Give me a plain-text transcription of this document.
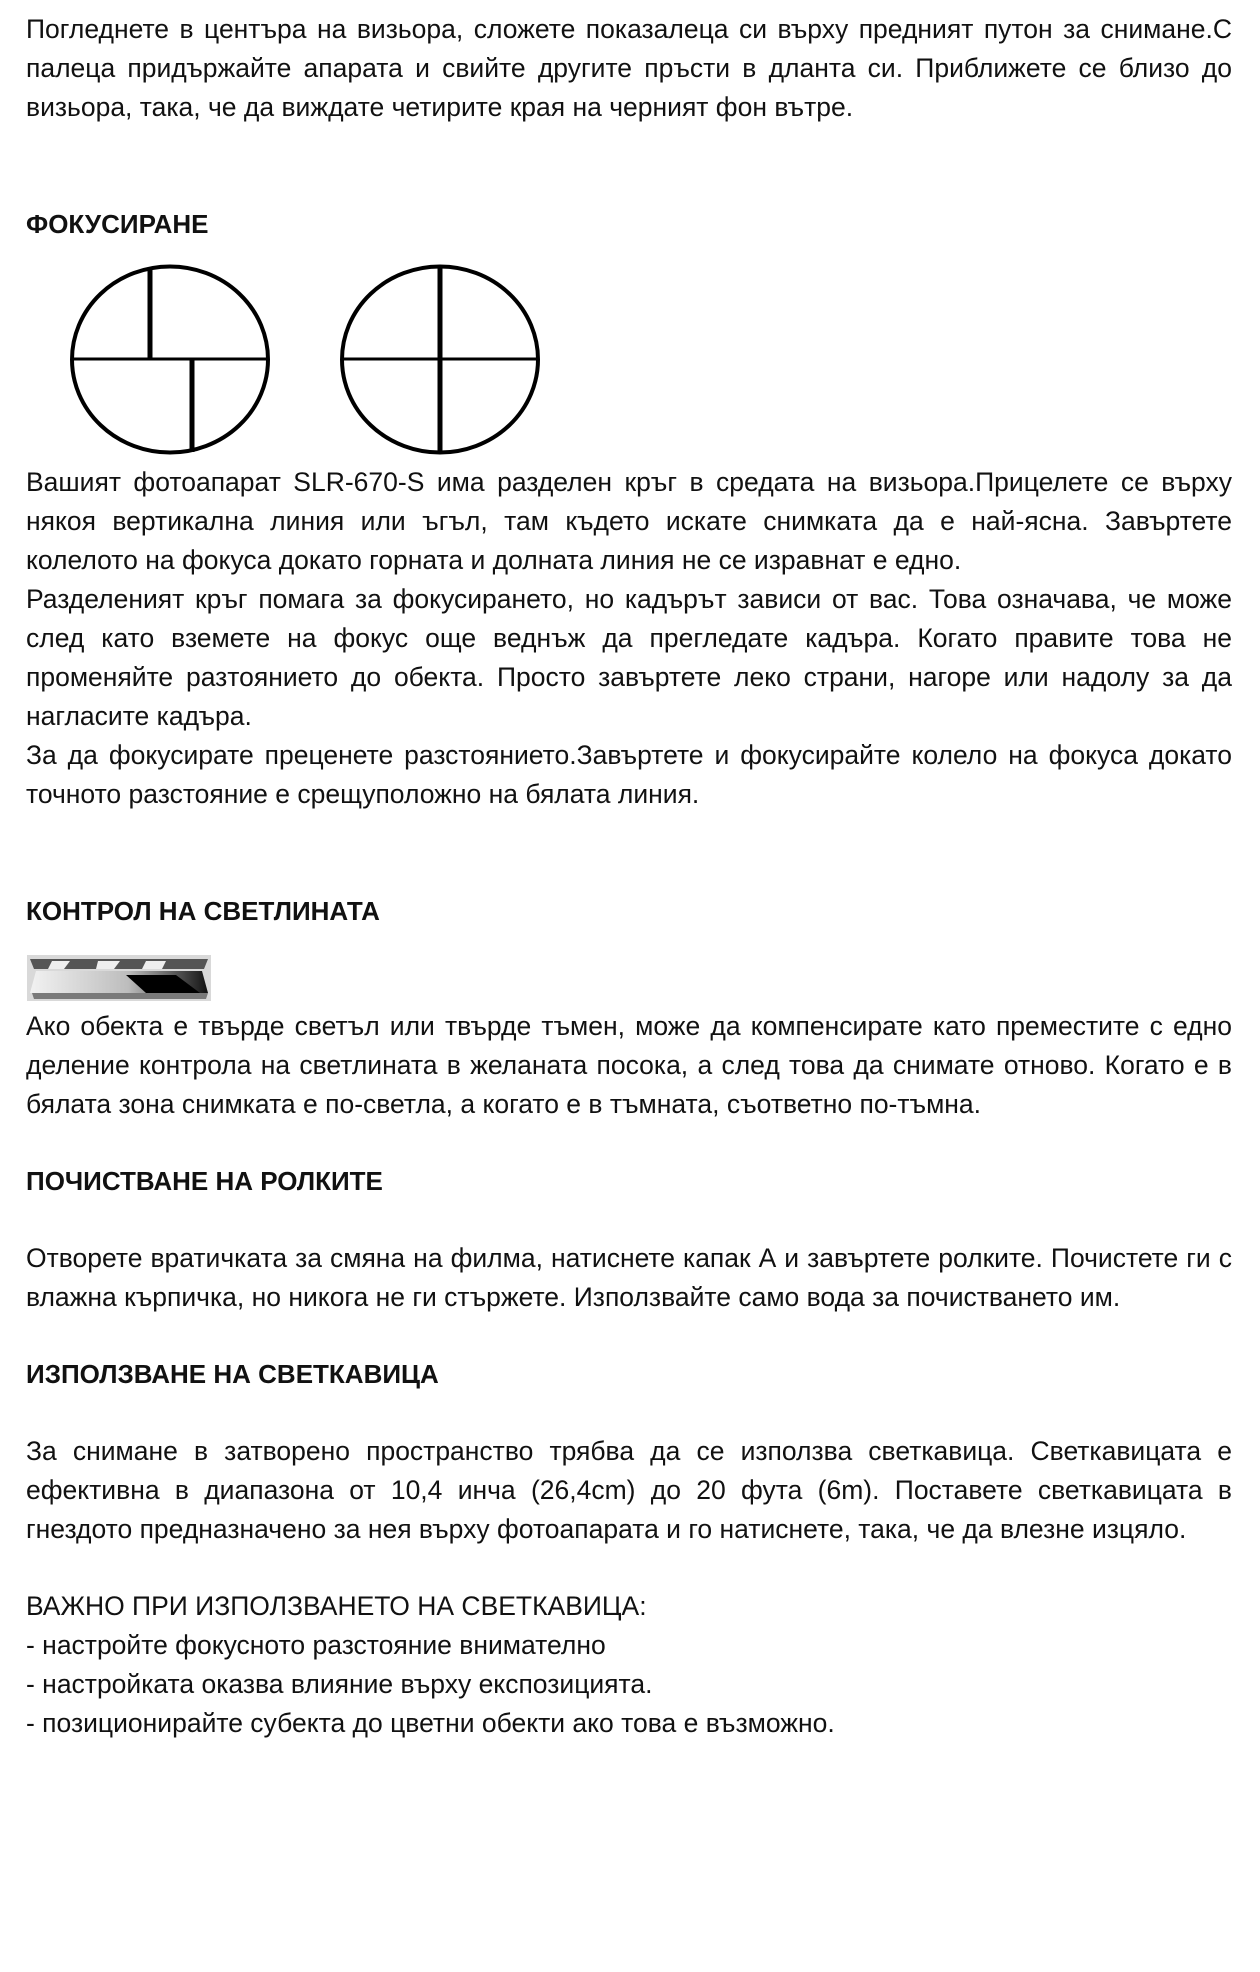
Погледнете в центъра на визьора, сложете показалеца си върху предният путон за снимане.С палеца придържайте апарата и свийте другите пръсти в дланта си. Приближете се близо до визьора, така, че да виждате четирите края на черният фон вътре.

ФОКУСИРАНЕ

Вашият фотоапарат SLR-670-S има разделен кръг в средата на визьора.Прицелете се върху някоя вертикална линия или ъгъл, там където искате снимката да е най-ясна. Завъртете колелото на фокуса докато горната и долната линия не се изравнат е едно.

Разделеният кръг помага за фокусирането, но кадърът зависи от вас. Това означава, че може след като вземете на фокус още веднъж да прегледате кадъра. Когато правите това не променяйте разтоянието до обекта. Просто завъртете леко страни, нагоре или надолу за да нагласите кадъра.

За да фокусирате преценете разстоянието.Завъртете и фокусирайте колело на фокуса докато точното разстояние е срещуположно на бялата линия.

КОНТРОЛ НА СВЕТЛИНАТА

Ако обекта е твърде светъл или твърде тъмен, може да компенсирате като преместите с едно деление контрола на светлината в желаната посока, а след това да снимате отново. Когато е в бялата зона снимката е по-светла, а когато е в тъмната, съответно по-тъмна.

ПОЧИСТВАНЕ НА РОЛКИТЕ

Отворете вратичката за смяна на филма, натиснете капак А и завъртете ролките. Почистете ги с влажна кърпичка, но никога не ги стържете. Използвайте само вода за почистването им.

ИЗПОЛЗВАНЕ НА СВЕТКАВИЦА

За снимане в затворено пространство трябва да се използва светкавица. Светкавицата е ефективна в диапазона от 10,4 инча (26,4cm) до 20 фута (6m). Поставете светкавицата в гнездото предназначено за нея върху фотоапарата и го натиснете, така, че да влезне изцяло.

ВАЖНО ПРИ ИЗПОЛЗВАНЕТО НА СВЕТКАВИЦА:

- настройте фокусното разстояние внимателно

- настройката оказва влияние върху експозицията.

- позиционирайте субекта до цветни обекти ако това е възможно.
